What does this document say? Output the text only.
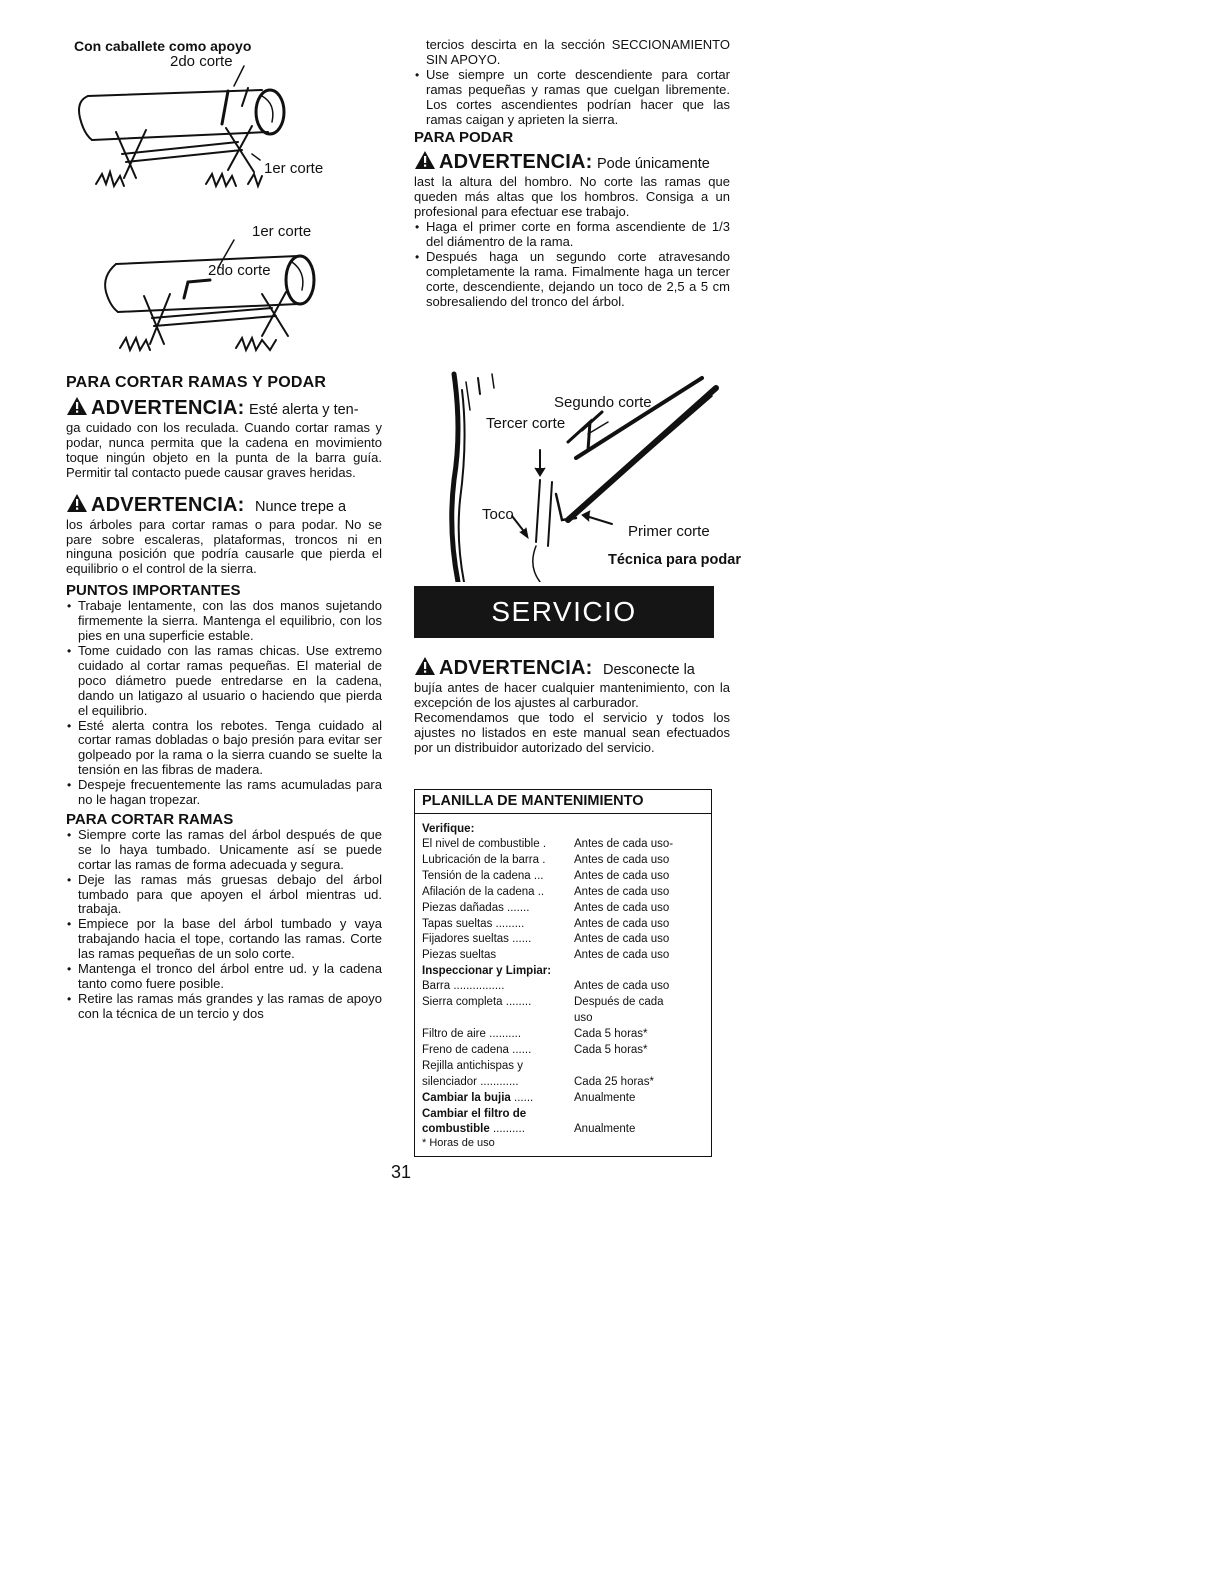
Con caballete como apoyo
2do corte
1er corte
1er corte
2do corte
PARA CORTAR RAMAS Y PODAR
ADVERTENCIA: Esté alerta y ten-

ga cuidado con los reculada. Cuando cortar ramas y podar, nunca permita que la cadena en movimiento toque ningún objeto en la punta de la barra guía. Permitir tal contacto puede causar graves heridas.

ADVERTENCIA: Nunce trepe a

los árboles para cortar ramas o para podar. No se pare sobre escaleras, plataformas, troncos ni en ninguna posición que podría causarle que pierda el equilibrio o el control de la sierra.

PUNTOS IMPORTANTES
• Trabaje lentamente, con las dos manos sujetando firmemente la sierra. Mantenga el equilibrio, con los pies en una superficie estable.
• Tome cuidado con las ramas chicas. Use extremo cuidado al cortar ramas pequeñas. El material de poco diámetro puede entredarse en la cadena, dando un latigazo al usuario o haciendo que pierda el equilibrio.
• Esté alerta contra los rebotes. Tenga cuidado al cortar ramas dobladas o bajo presión para evitar ser golpeado por la rama o la sierra cuando se suelte la tensión en las fibras de madera.
• Despeje frecuentemente las rams acumuladas para no le hagan tropezar.
PARA CORTAR RAMAS
• Siempre corte las ramas del árbol después de que se lo haya tumbado. Unicamente así se puede cortar las ramas de forma adecuada y segura.
• Deje las ramas más gruesas debajo del árbol tumbado para que apoyen el árbol mientras ud. trabaja.
• Empiece por la base del árbol tumbado y vaya trabajando hacia el tope, cortando las ramas. Corte las ramas pequeñas de un solo corte.
• Mantenga el tronco del árbol entre ud. y la cadena tanto como fuere posible.
• Retire las ramas más grandes y las ramas de apoyo con la técnica de un tercio y dos

tercios descirta en la sección SECCIONAMIENTO SIN APOYO.

• Use siempre un corte descendiente para cortar ramas pequeñas y ramas que cuelgan libremente. Los cortes ascendientes podrían hacer que las ramas caigan y aprieten la sierra.
PARA PODAR
ADVERTENCIA: Pode únicamente

last la altura del hombro. No corte las ramas que queden más altas que los hombros. Consiga a un profesional para efectuar ese trabajo.

• Haga el primer corte en forma ascendiente de 1/3 del diámentro de la rama.
• Después haga un segundo corte atravesando completamente la rama. Fimalmente haga un tercer corte, descendiente, dejando un toco de 2,5 a 5 cm sobresaliendo del tronco del árbol.
Segundo corte
Tercer corte
Toco
Primer corte
Técnica para podar
SERVICIO
ADVERTENCIA: Desconecte la

bujía antes de hacer cualquier mantenimiento, con la excepción de los ajustes al carburador.

Recomendamos que todo el servicio y todos los ajustes no listados en este manual sean efectuados por un distribuidor autorizado del servicio.

PLANILLA DE MANTENIMIENTO
Verifique:
El nivel de combustible .	Antes de cada uso-
Lubricación de la barra .	Antes de cada uso
Tensión de la cadena ...	Antes de cada uso
Afilación de la cadena ..	Antes de cada uso
Piezas dañadas .......	Antes de cada uso
Tapas sueltas .........	Antes de cada uso
Fijadores sueltas ......	Antes de cada uso
Piezas sueltas	Antes de cada uso
Inspeccionar y Limpiar:
Barra ................	Antes de cada uso
Sierra completa ........	Después de cada
uso
Filtro de aire ..........	Cada 5 horas*
Freno de cadena ......	Cada 5 horas*
Rejilla antichispas y
silenciador ............	Cada 25 horas*
Cambiar la bujia ......	Anualmente
Cambiar el filtro de
combustible ..........	Anualmente
* Horas de uso
31
